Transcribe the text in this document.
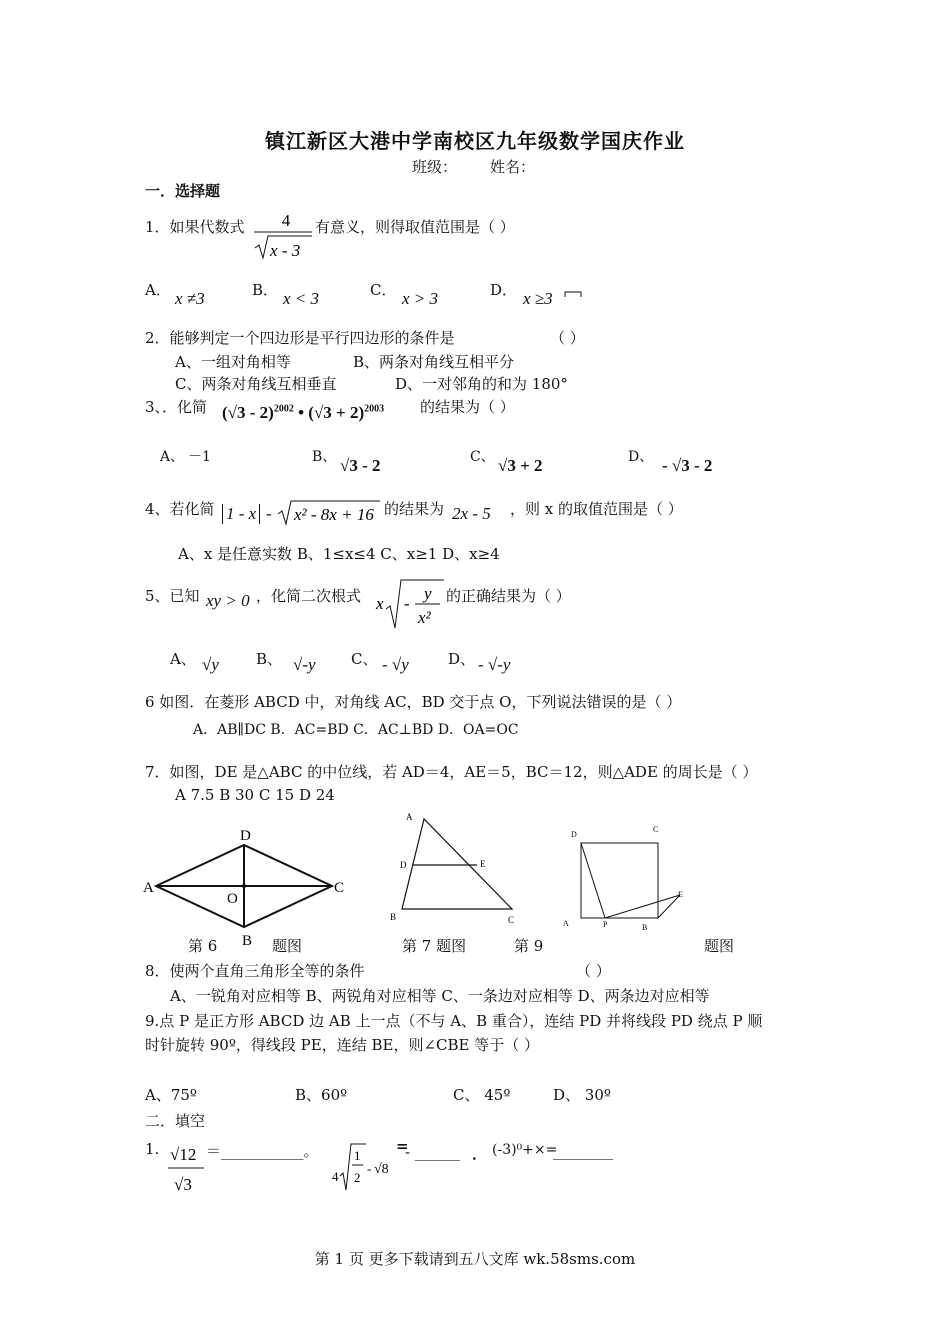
镇江新区大港中学南校区九年级数学国庆作业
班级： 姓名：
一．选择题
1．如果代数式 4
x - 3
有意义，则得取值范围是（ ）
A． x ≠3	B． x < 3	C． x > 3	D． x ≥3
2．能够判定一个四边形是平行四边形的条件是	（ ）
A、一组对角相等	B、两条对角线互相平分
C、两条对角线互相垂直	D、一对邻角的和为 180°
3、．化简 (√3 - 2)$^{2002}$ • $(√3 + 2)^{2003}$ 的结果为（ ）
A、 －1	B、 √3 - 2	C、 √3 + 2	D、 - √3 - 2
4、若化简 1 - x - x² - 8x + 16 的结果为 2x - 5 ，则 x 的取值范围是（ ）
A、x 是任意实数 B、1≤x≤4 C、x≥1 D、x≥4
5、已知 xy > 0 ，化简二次根式 x -
y
x²
的正确结果为（ ）
A、 √y B、 √-y C、 - √y	D、 - √-y
6 如图．在菱形 ABCD 中，对角线 AC，BD 交于点 O，下列说法错误的是（ ）
A．AB∥DC B．AC=BD C．AC⊥BD D．OA=OC
7．如图，DE 是△ABC 的中位线，若 AD＝4，AE＝5，BC＝12，则△ADE 的周长是（ ）
A 7.5 B 30 C 15 D 24
A
D
C
O
B
A
D	E
B	C
D
C
E
A	P	B
第 6	题图	第 7 题图	第 9	题图
8．使两个直角三角形全等的条件	（ ）
A、一锐角对应相等 B、两锐角对应相等 C、一条边对应相等 D、两条边对应相等
9.点 P 是正方形 ABCD 边 AB 上一点（不与 A、B 重合），连结 PD 并将线段 PD 绕点 P 顺
时针旋转 90º，得线段 PE，连结 BE，则∠CBE 等于（ ）
A、75º	B、60º	C、 45º	D、 30º
二．填空
1. √12
√3
＝___________。
4
1
2
- √8
=
- ______ ． (-3)⁰+×=
________
第 1 页 更多下载请到五八文库 wk.58sms.com
